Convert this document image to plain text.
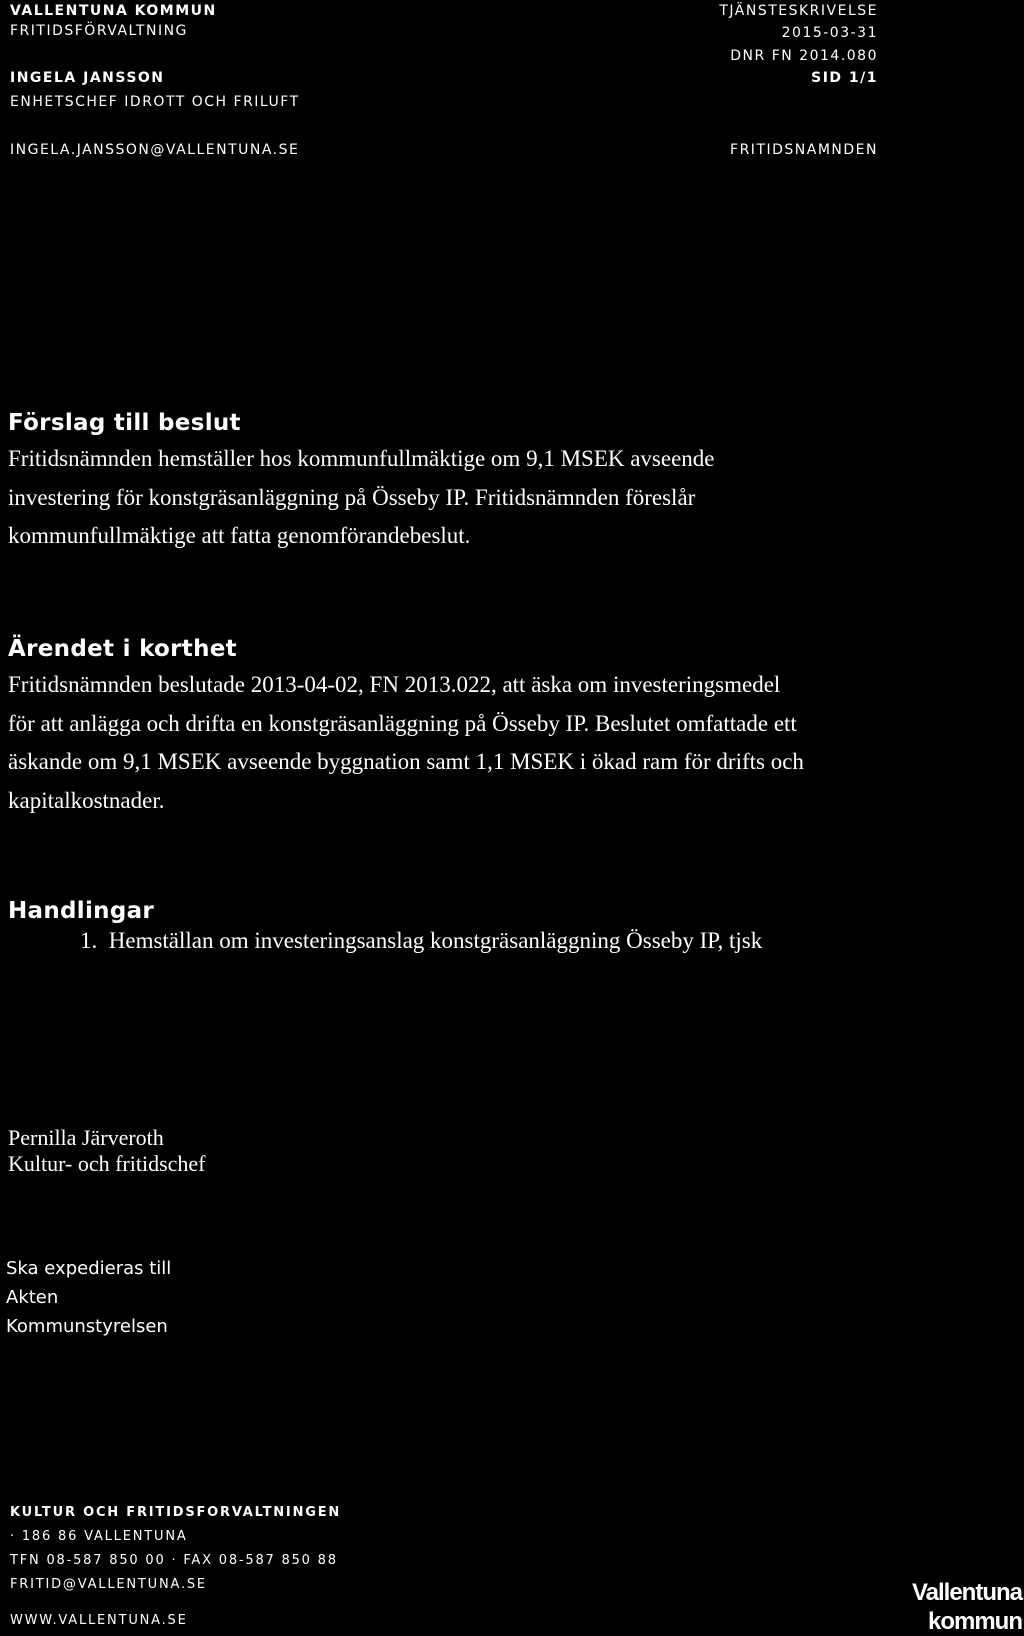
VALLENTUNA KOMMUN
FRITIDSFÖRVALTNING
INGELA JANSSON
ENHETSCHEF IDROTT OCH FRILUFT
INGELA.JANSSON@VALLENTUNA.SE
TJÄNSTESKRIVELSE
2015-03-31
DNR FN 2014.080
SID 1/1
FRITIDSNAMNDEN
Förslag till beslut

Fritidsnämnden hemställer hos kommunfullmäktige om 9,1 MSEK avseende

investering för konstgräsanläggning på Össeby IP. Fritidsnämnden föreslår

kommunfullmäktige att fatta genomförandebeslut.

Ärendet i korthet

Fritidsnämnden beslutade 2013-04-02, FN 2013.022, att äska om investeringsmedel

för att anlägga och drifta en konstgräsanläggning på Össeby IP. Beslutet omfattade ett

äskande om 9,1 MSEK avseende byggnation samt 1,1 MSEK i ökad ram för drifts och

kapitalkostnader.

Handlingar
1. Hemställan om investeringsanslag konstgräsanläggning Össeby IP, tjsk
Pernilla Järveroth
Kultur- och fritidschef
Ska expedieras till
Akten
Kommunstyrelsen
KULTUR OCH FRITIDSFORVALTNINGEN
· 186 86 VALLENTUNA
TFN 08-587 850 00 · FAX 08-587 850 88
FRITID@VALLENTUNA.SE
WWW.VALLENTUNA.SE
Vallentuna
kommun
